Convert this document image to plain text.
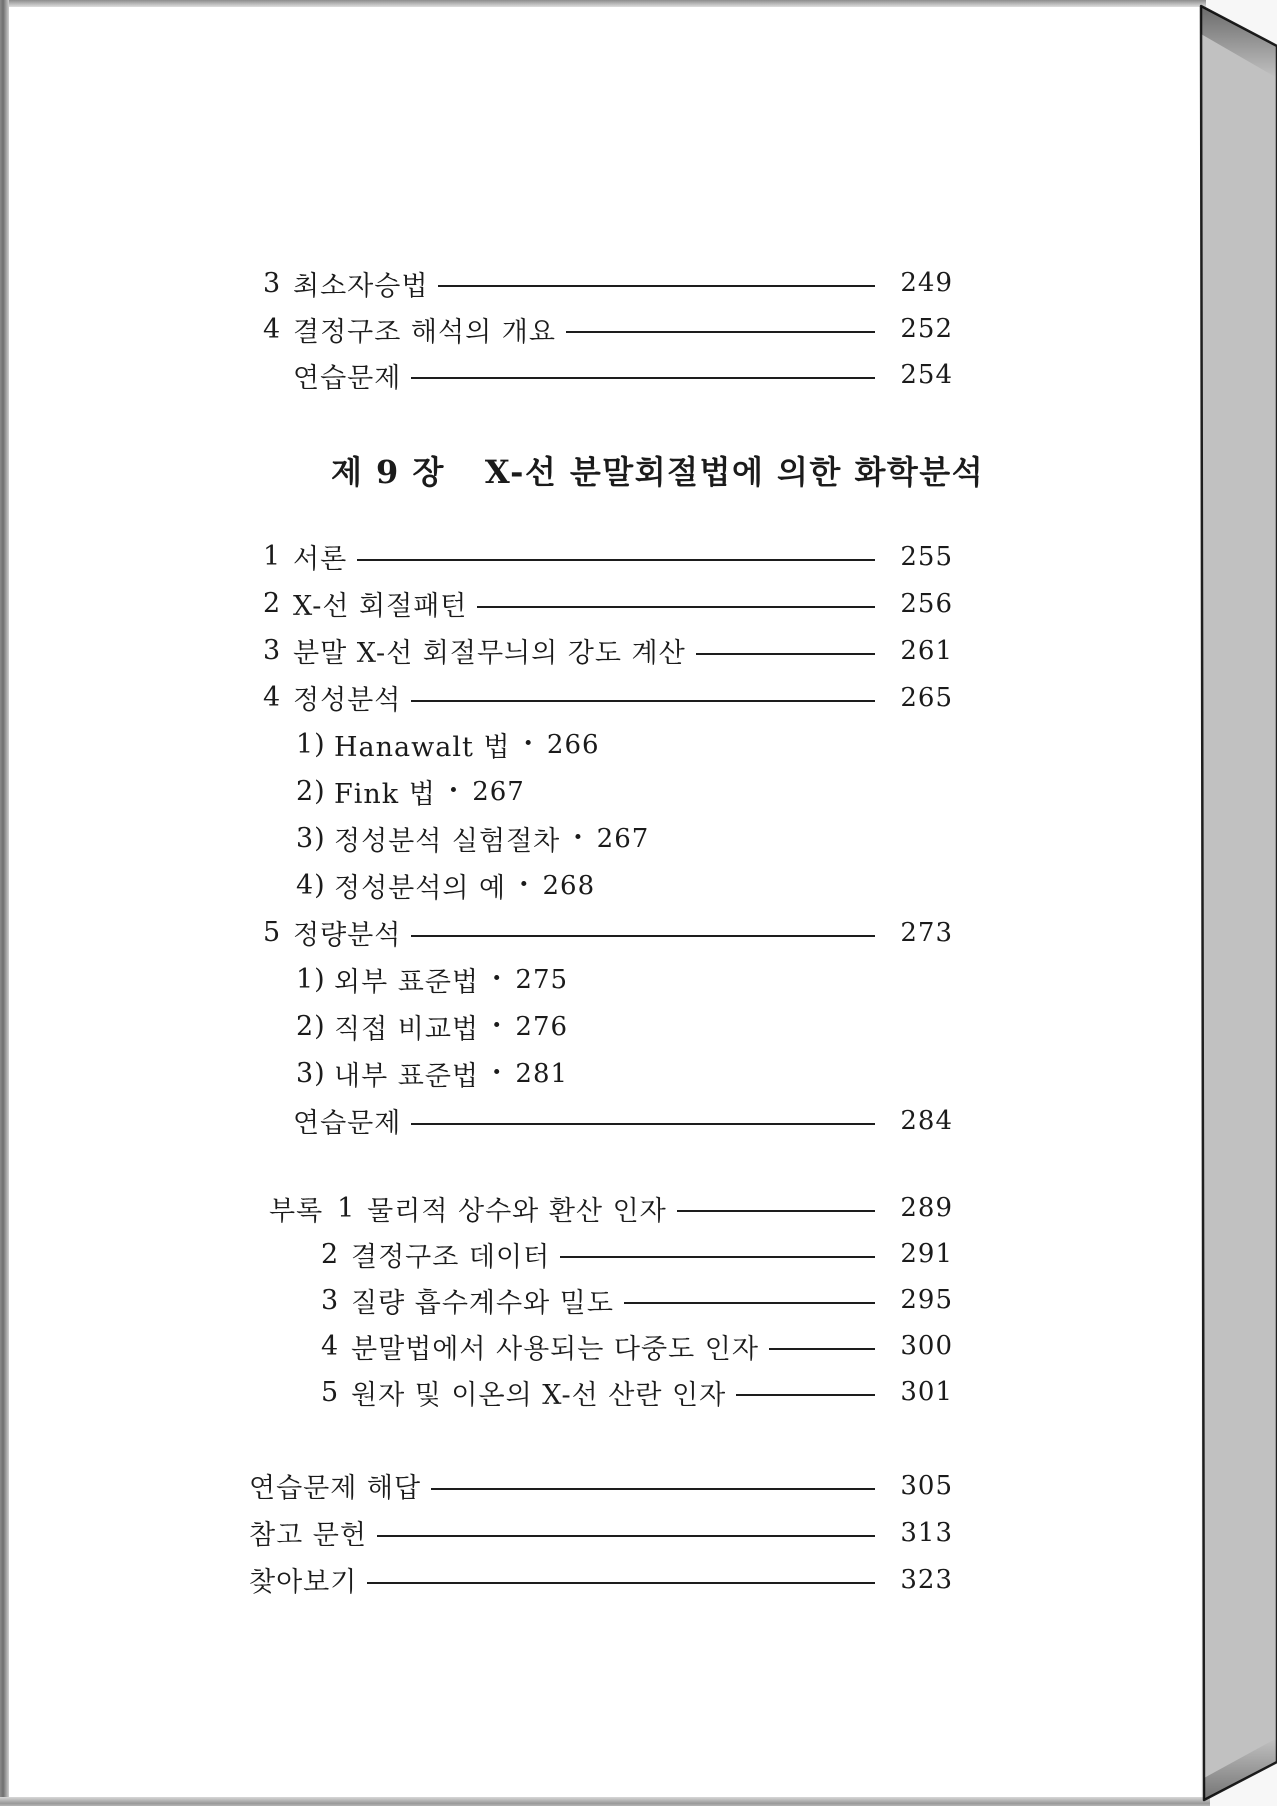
3 최소자승법	249
4 결정구조 해석의 개요	252
연습문제	254
제 9 장 X-선 분말회절법에 의한 화학분석
1 서론	255
2 X-선 회절패턴	256
3 분말 X-선 회절무늬의 강도 계산	261
4 정성분석	265
1) Hanawalt 법 · 266
2) Fink 법 · 267
3) 정성분석 실험절차 · 267
4) 정성분석의 예 · 268
5 정량분석	273
1) 외부 표준법 · 275
2) 직접 비교법 · 276
3) 내부 표준법 · 281
연습문제	284
부록 1 물리적 상수와 환산 인자	289
2 결정구조 데이터	291
3 질량 흡수계수와 밀도	295
4 분말법에서 사용되는 다중도 인자	300
5 원자 및 이온의 X-선 산란 인자	301
연습문제 해답	305
참고 문헌	313
찾아보기	323
